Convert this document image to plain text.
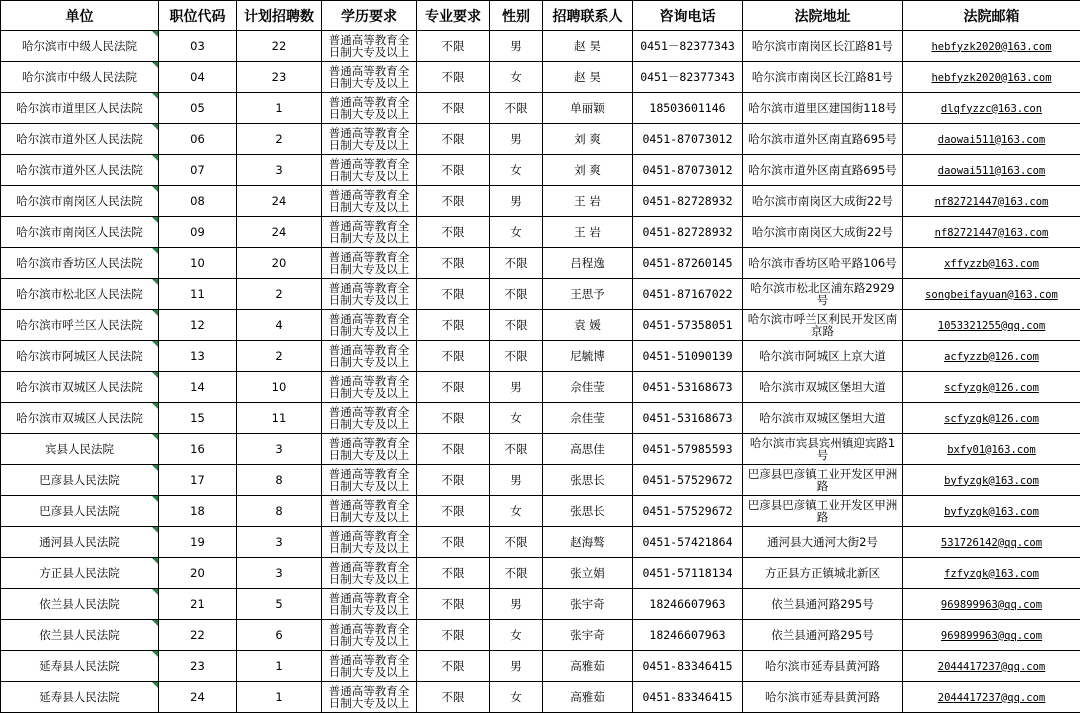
单位	职位代码	计划招聘数	学历要求	专业要求	性别	招聘联系人	咨询电话	法院地址	法院邮箱

哈尔滨市中级人民法院	03	22	普通高等教育全日制大专及以上	不限	男	赵 昊	0451－82377343	哈尔滨市南岗区长江路81号	hebfyzk2020@163.com

哈尔滨市中级人民法院	04	23	普通高等教育全日制大专及以上	不限	女	赵 昊	0451－82377343	哈尔滨市南岗区长江路81号	hebfyzk2020@163.com

哈尔滨市道里区人民法院	05	1	普通高等教育全日制大专及以上	不限	不限	单丽颖	18503601146	哈尔滨市道里区建国街118号	dlqfyzzc@163.con

哈尔滨市道外区人民法院	06	2	普通高等教育全日制大专及以上	不限	男	刘 爽	0451-87073012	哈尔滨市道外区南直路695号	daowai511@163.com

哈尔滨市道外区人民法院	07	3	普通高等教育全日制大专及以上	不限	女	刘 爽	0451-87073012	哈尔滨市道外区南直路695号	daowai511@163.com

哈尔滨市南岗区人民法院	08	24	普通高等教育全日制大专及以上	不限	男	王 岩	0451-82728932	哈尔滨市南岗区大成街22号	nf82721447@163.com

哈尔滨市南岗区人民法院	09	24	普通高等教育全日制大专及以上	不限	女	王 岩	0451-82728932	哈尔滨市南岗区大成街22号	nf82721447@163.com

哈尔滨市香坊区人民法院	10	20	普通高等教育全日制大专及以上	不限	不限	吕程逸	0451-87260145	哈尔滨市香坊区哈平路106号	xffyzzb@163.com

哈尔滨市松北区人民法院	11	2	普通高等教育全日制大专及以上	不限	不限	王思予	0451-87167022	哈尔滨市松北区浦东路2929号	songbeifayuan@163.com

哈尔滨市呼兰区人民法院	12	4	普通高等教育全日制大专及以上	不限	不限	袁 媛	0451-57358051	哈尔滨市呼兰区利民开发区南京路	1053321255@qq.com

哈尔滨市阿城区人民法院	13	2	普通高等教育全日制大专及以上	不限	不限	尼毓博	0451-51090139	哈尔滨市阿城区上京大道	acfyzzb@126.com

哈尔滨市双城区人民法院	14	10	普通高等教育全日制大专及以上	不限	男	佘佳莹	0451-53168673	哈尔滨市双城区堡坦大道	scfyzgk@126.com

哈尔滨市双城区人民法院	15	11	普通高等教育全日制大专及以上	不限	女	佘佳莹	0451-53168673	哈尔滨市双城区堡坦大道	scfyzgk@126.com

宾县人民法院	16	3	普通高等教育全日制大专及以上	不限	不限	高思佳	0451-57985593	哈尔滨市宾县宾州镇迎宾路1号	bxfy01@163.com

巴彦县人民法院	17	8	普通高等教育全日制大专及以上	不限	男	张思长	0451-57529672	巴彦县巴彦镇工业开发区甲洲路	byfyzgk@163.com

巴彦县人民法院	18	8	普通高等教育全日制大专及以上	不限	女	张思长	0451-57529672	巴彦县巴彦镇工业开发区甲洲路	byfyzgk@163.com

通河县人民法院	19	3	普通高等教育全日制大专及以上	不限	不限	赵海骜	0451-57421864	通河县大通河大街2号	531726142@qq.com

方正县人民法院	20	3	普通高等教育全日制大专及以上	不限	不限	张立娟	0451-57118134	方正县方正镇城北新区	fzfyzgk@163.com

依兰县人民法院	21	5	普通高等教育全日制大专及以上	不限	男	张宇奇	18246607963	依兰县通河路295号	969899963@qq.com

依兰县人民法院	22	6	普通高等教育全日制大专及以上	不限	女	张宇奇	18246607963	依兰县通河路295号	969899963@qq.com

延寿县人民法院	23	1	普通高等教育全日制大专及以上	不限	男	高雅茹	0451-83346415	哈尔滨市延寿县黄河路	2044417237@qq.com

延寿县人民法院	24	1	普通高等教育全日制大专及以上	不限	女	高雅茹	0451-83346415	哈尔滨市延寿县黄河路	2044417237@qq.com
